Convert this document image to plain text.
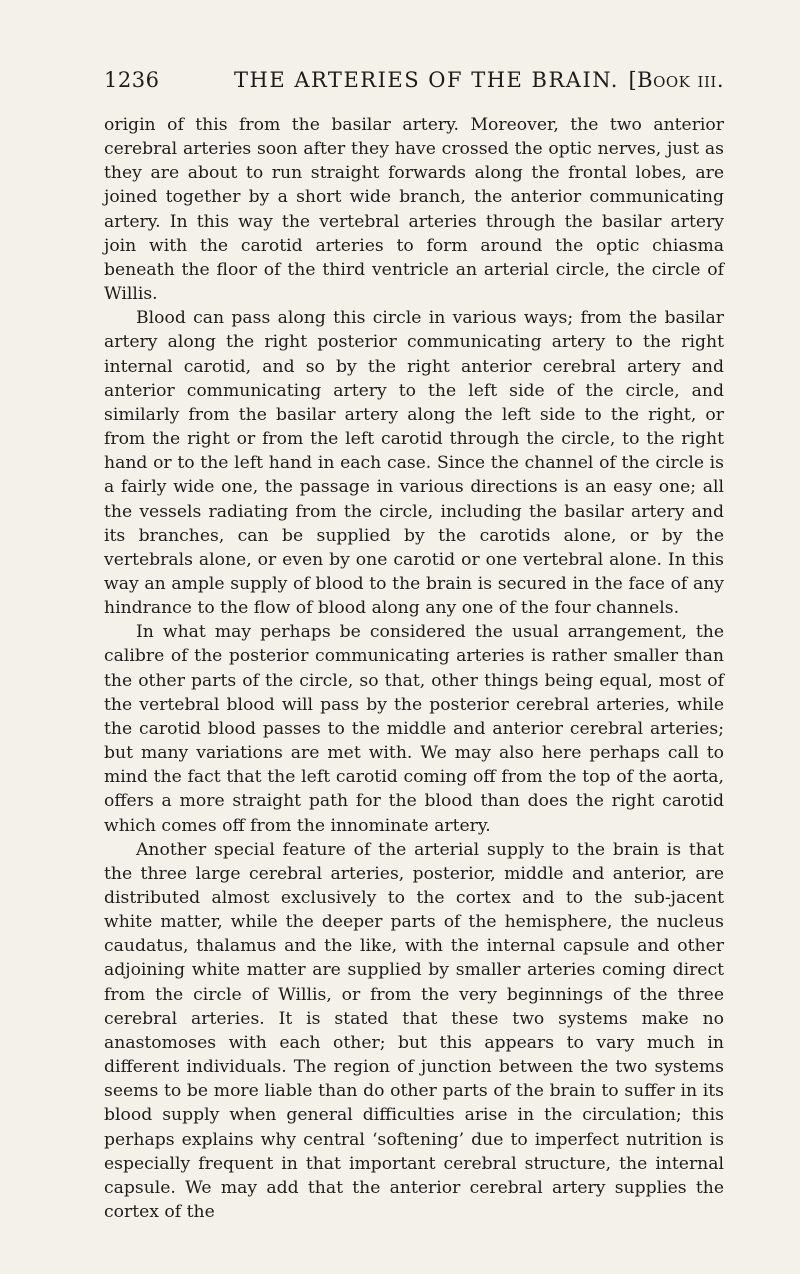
1236	THE ARTERIES OF THE BRAIN. [Book iii.

origin of this from the basilar artery. Moreover, the two anterior cerebral arteries soon after they have crossed the optic nerves, just as they are about to run straight forwards along the frontal lobes, are joined together by a short wide branch, the anterior communicating artery. In this way the vertebral arteries through the basilar artery join with the carotid arteries to form around the optic chiasma beneath the floor of the third ventricle an arterial circle, the circle of Willis.

Blood can pass along this circle in various ways; from the basilar artery along the right posterior communicating artery to the right internal carotid, and so by the right anterior cerebral artery and anterior communicating artery to the left side of the circle, and similarly from the basilar artery along the left side to the right, or from the right or from the left carotid through the circle, to the right hand or to the left hand in each case. Since the channel of the circle is a fairly wide one, the passage in various directions is an easy one; all the vessels radiating from the circle, including the basilar artery and its branches, can be supplied by the carotids alone, or by the vertebrals alone, or even by one carotid or one vertebral alone. In this way an ample supply of blood to the brain is secured in the face of any hindrance to the flow of blood along any one of the four channels.

In what may perhaps be considered the usual arrangement, the calibre of the posterior communicating arteries is rather smaller than the other parts of the circle, so that, other things being equal, most of the vertebral blood will pass by the posterior cerebral arteries, while the carotid blood passes to the middle and anterior cerebral arteries; but many variations are met with. We may also here perhaps call to mind the fact that the left carotid coming off from the top of the aorta, offers a more straight path for the blood than does the right carotid which comes off from the innominate artery.

Another special feature of the arterial supply to the brain is that the three large cerebral arteries, posterior, middle and anterior, are distributed almost exclusively to the cortex and to the sub-jacent white matter, while the deeper parts of the hemisphere, the nucleus caudatus, thalamus and the like, with the internal capsule and other adjoining white matter are supplied by smaller arteries coming direct from the circle of Willis, or from the very beginnings of the three cerebral arteries. It is stated that these two systems make no anastomoses with each other; but this appears to vary much in different individuals. The region of junction between the two systems seems to be more liable than do other parts of the brain to suffer in its blood supply when general difficulties arise in the circulation; this perhaps explains why central ‘softening’ due to imperfect nutrition is especially frequent in that important cerebral structure, the internal capsule. We may add that the anterior cerebral artery supplies the cortex of the
